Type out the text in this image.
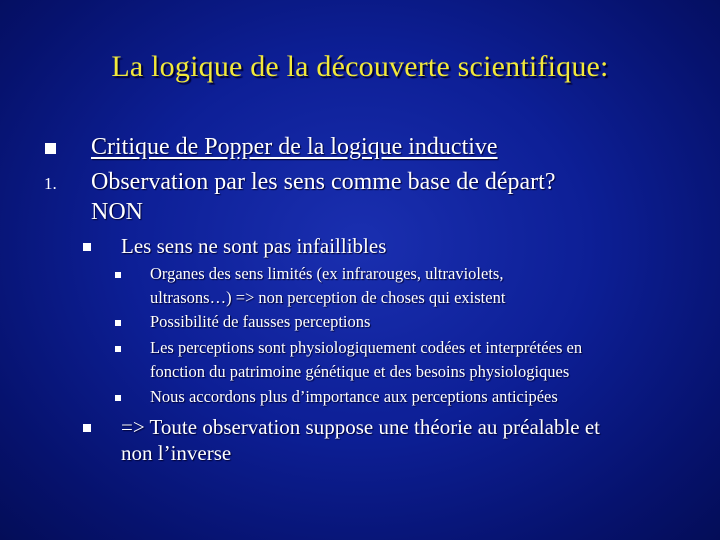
La logique de la découverte scientifique:
Critique de Popper de la logique inductive
1. Observation par les sens comme base de départ?
NON
Les sens ne sont pas infaillibles
Organes des sens limités (ex infrarouges, ultraviolets,
ultrasons…) => non perception de choses qui existent
Possibilité de fausses perceptions
Les perceptions sont physiologiquement codées et interprétées en
fonction du patrimoine génétique et des besoins physiologiques
Nous accordons plus d’importance aux perceptions anticipées
=> Toute observation suppose une théorie au préalable et
non l’inverse
